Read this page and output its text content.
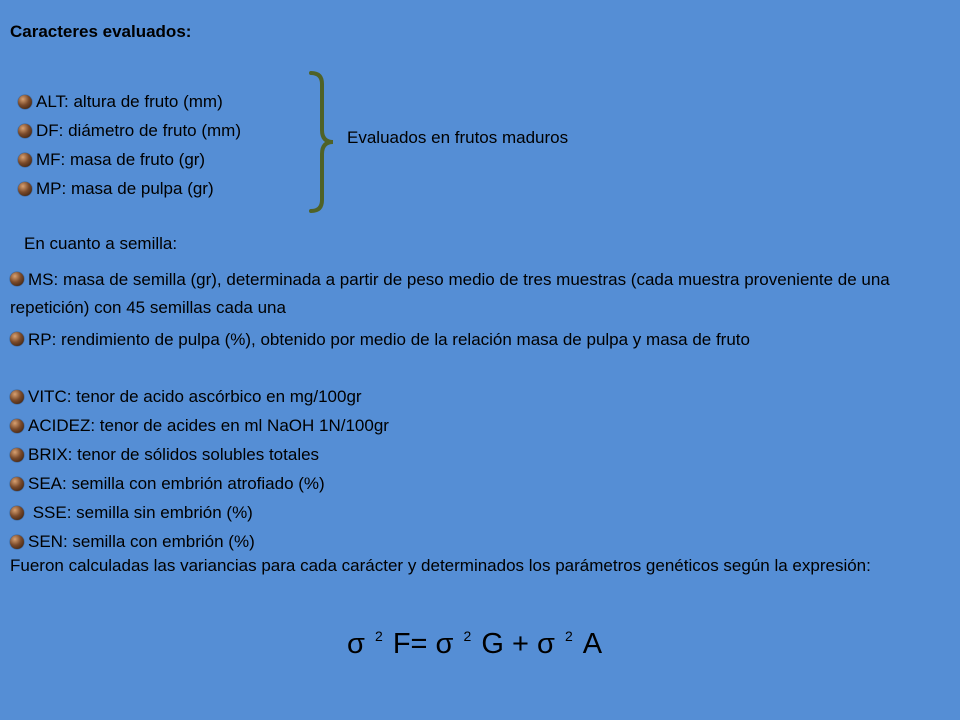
Caracteres evaluados:
ALT: altura de fruto (mm)
DF: diámetro de fruto (mm)
MF: masa de fruto (gr)
MP: masa de pulpa (gr)
Evaluados en frutos maduros
En cuanto a semilla:
MS: masa de semilla (gr), determinada a partir de peso medio de tres muestras (cada muestra proveniente de una repetición) con 45 semillas cada una
RP: rendimiento de pulpa (%), obtenido por medio de la relación masa de pulpa y masa de fruto
VITC: tenor de acido ascórbico en mg/100gr
ACIDEZ: tenor de acides en ml NaOH 1N/100gr
BRIX: tenor de sólidos solubles totales
SEA: semilla con embrión atrofiado (%)
SSE: semilla sin embrión (%)
SEN: semilla con embrión (%)
Fueron calculadas las variancias para cada carácter y determinados los parámetros genéticos según la expresión:
σ $^2$ F= σ $^2$ G + σ $^2$ A
